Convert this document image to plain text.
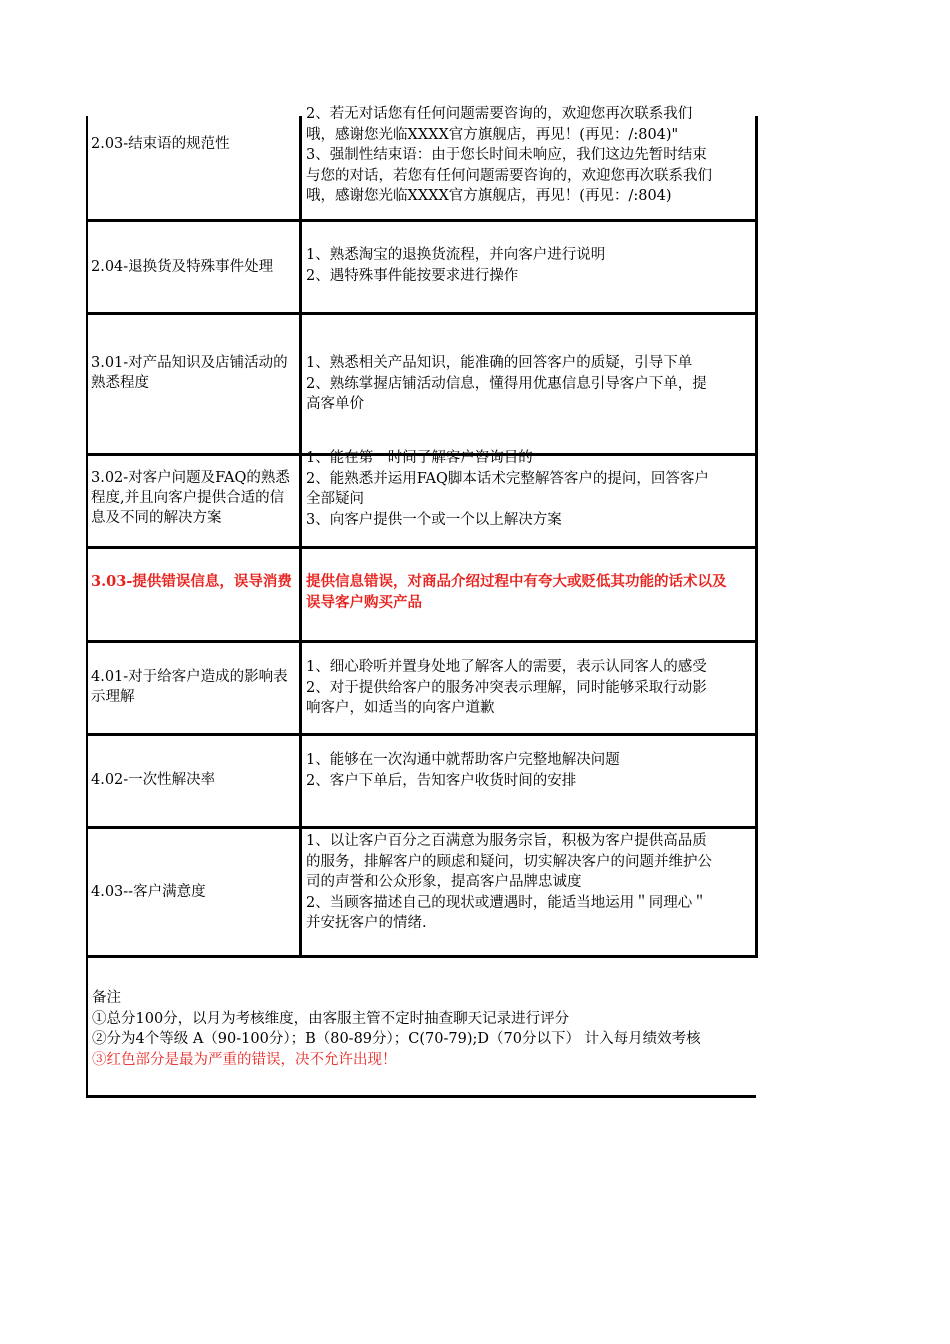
2.03-结束语的规范性
2、若无对话您有任何问题需要咨询的，欢迎您再次联系我们
哦，感谢您光临XXXX官方旗舰店，再见！(再见：/:804)"
3、强制性结束语：由于您长时间未响应，我们这边先暂时结束
与您的对话，若您有任何问题需要咨询的，欢迎您再次联系我们
哦，感谢您光临XXXX官方旗舰店，再见！(再见：/:804)
2.04-退换货及特殊事件处理
1、熟悉淘宝的退换货流程，并向客户进行说明
2、遇特殊事件能按要求进行操作
3.01-对产品知识及店铺活动的熟悉程度
1、熟悉相关产品知识，能准确的回答客户的质疑，引导下单
2、熟练掌握店铺活动信息，懂得用优惠信息引导客户下单，提
高客单价
3.02-对客户问题及FAQ的熟悉程度,并且向客户提供合适的信息及不同的解决方案
1、能在第一时间了解客户咨询目的
2、能熟悉并运用FAQ脚本话术完整解答客户的提问，回答客户
全部疑问
3、向客户提供一个或一个以上解决方案
3.03-提供错误信息，误导消费 提供信息错误，对商品介绍过程中有夸大或贬低其功能的话术以及
误导客户购买产品
4.01-对于给客户造成的影响表示理解
1、细心聆听并置身处地了解客人的需要，表示认同客人的感受
2、对于提供给客户的服务冲突表示理解，同时能够采取行动影
响客户，如适当的向客户道歉
4.02-一次性解决率
1、能够在一次沟通中就帮助客户完整地解决问题
2、客户下单后，告知客户收货时间的安排
4.03--客户满意度
1、以让客户百分之百满意为服务宗旨，积极为客户提供高品质
的服务，排解客户的顾虑和疑问，切实解决客户的问题并维护公
司的声誉和公众形象，提高客户品牌忠诚度
2、当顾客描述自己的现状或遭遇时，能适当地运用＂同理心＂
并安抚客户的情绪.
备注
①总分100分，以月为考核维度，由客服主管不定时抽查聊天记录进行评分
②分为4个等级 A（90-100分）；B（80-89分）；C(70-79);D（70分以下） 计入每月绩效考核
③红色部分是最为严重的错误，决不允许出现！
